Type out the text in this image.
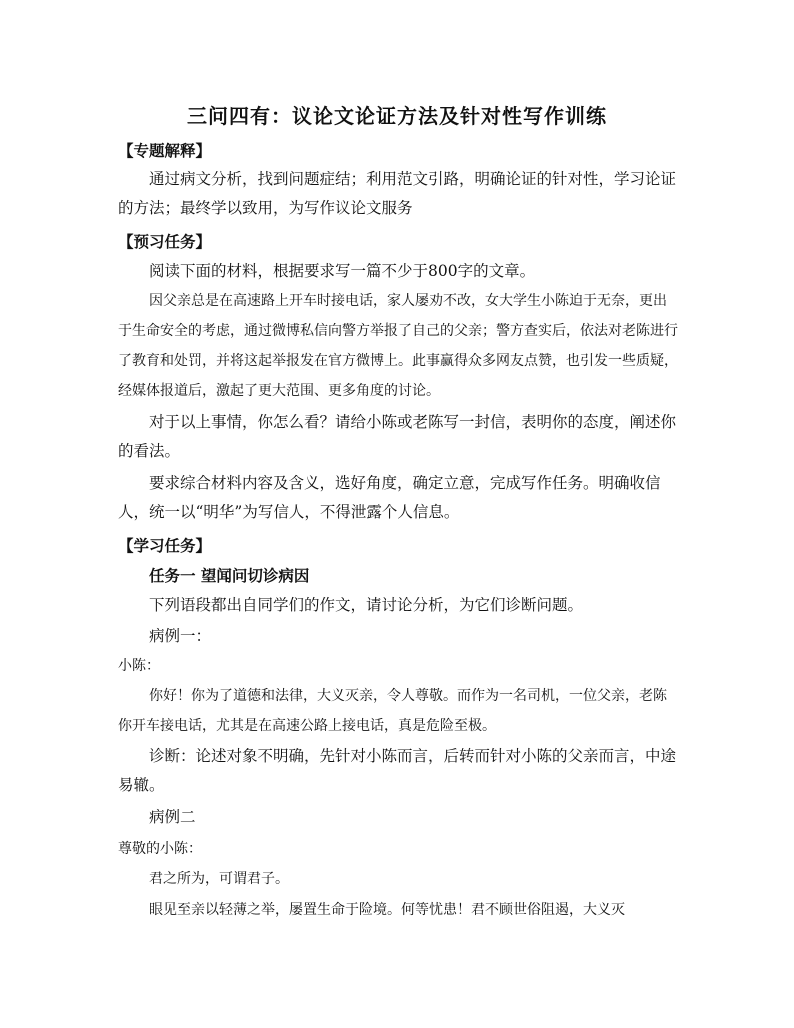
三问四有：议论文论证方法及针对性写作训练
【专题解释】

通过病文分析，找到问题症结；利用范文引路，明确论证的针对性，学习论证的方法；最终学以致用，为写作议论文服务

【预习任务】

阅读下面的材料，根据要求写一篇不少于800字的文章。

因父亲总是在高速路上开车时接电话，家人屡劝不改，女大学生小陈迫于无奈，更出于生命安全的考虑，通过微博私信向警方举报了自己的父亲；警方查实后，依法对老陈进行了教育和处罚，并将这起举报发在官方微博上。此事赢得众多网友点赞，也引发一些质疑，经媒体报道后，激起了更大范围、更多角度的讨论。

对于以上事情，你怎么看？请给小陈或老陈写一封信，表明你的态度，阐述你的看法。

要求综合材料内容及含义，选好角度，确定立意，完成写作任务。明确收信人，统一以“明华”为写信人，不得泄露个人信息。

【学习任务】
任务一 望闻问切诊病因

下列语段都出自同学们的作文，请讨论分析，为它们诊断问题。

病例一：
小陈：

你好！你为了道德和法律，大义灭亲，令人尊敬。而作为一名司机，一位父亲，老陈你开车接电话，尤其是在高速公路上接电话，真是危险至极。

诊断：论述对象不明确，先针对小陈而言，后转而针对小陈的父亲而言，中途易辙。

病例二
尊敬的小陈：

君之所为，可谓君子。

眼见至亲以轻薄之举，屡置生命于险境。何等忧患！君不顾世俗阻遏，大义灭
